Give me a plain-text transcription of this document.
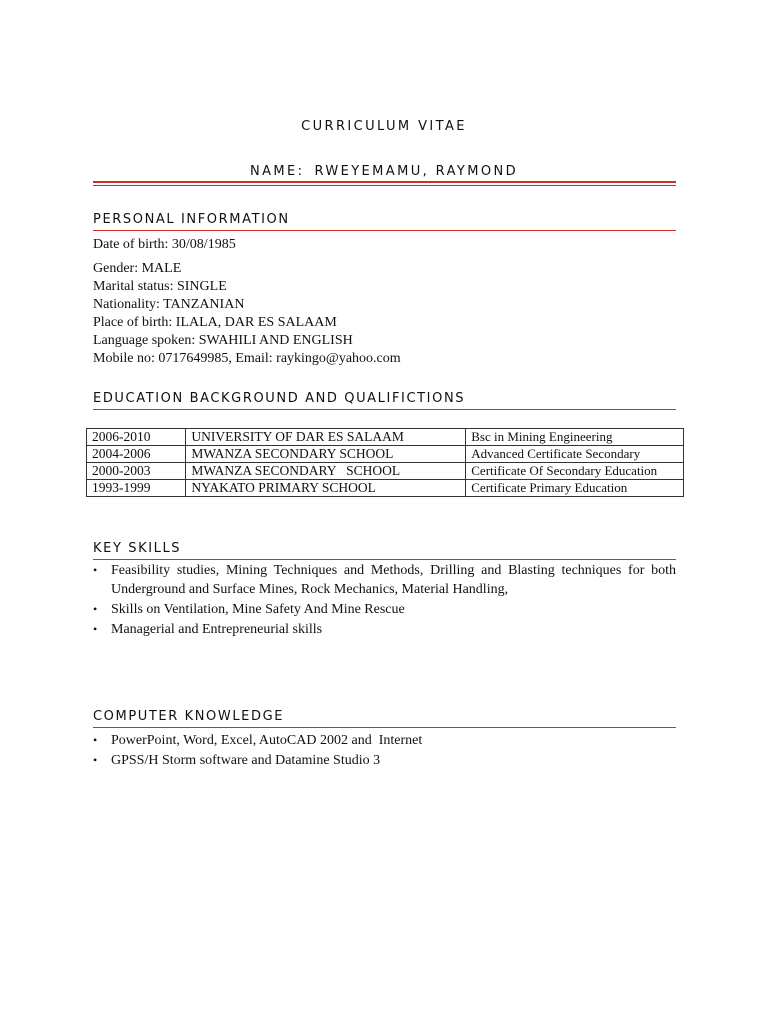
CURRICULUM VITAE
NAME: RWEYEMAMU, RAYMOND
PERSONAL INFORMATION
Date of birth: 30/08/1985
Gender: MALE
Marital status: SINGLE
Nationality: TANZANIAN
Place of birth: ILALA, DAR ES SALAAM
Language spoken: SWAHILI AND ENGLISH
Mobile no: 0717649985, Email: raykingo@yahoo.com
EDUCATION BACKGROUND AND QUALIFICTIONS
2006-2010	UNIVERSITY OF DAR ES SALAAM	Bsc in Mining Engineering
2004-2006	MWANZA SECONDARY SCHOOL	Advanced Certificate Secondary
2000-2003	MWANZA SECONDARY   SCHOOL	Certificate Of Secondary Education
1993-1999	NYAKATO PRIMARY SCHOOL	Certificate Primary Education
KEY SKILLS
• Feasibility studies, Mining Techniques and Methods, Drilling and Blasting techniques for both Underground and Surface Mines, Rock Mechanics, Material Handling,
• Skills on Ventilation, Mine Safety And Mine Rescue
• Managerial and Entrepreneurial skills
COMPUTER KNOWLEDGE
• PowerPoint, Word, Excel, AutoCAD 2002 and  Internet
• GPSS/H Storm software and Datamine Studio 3
